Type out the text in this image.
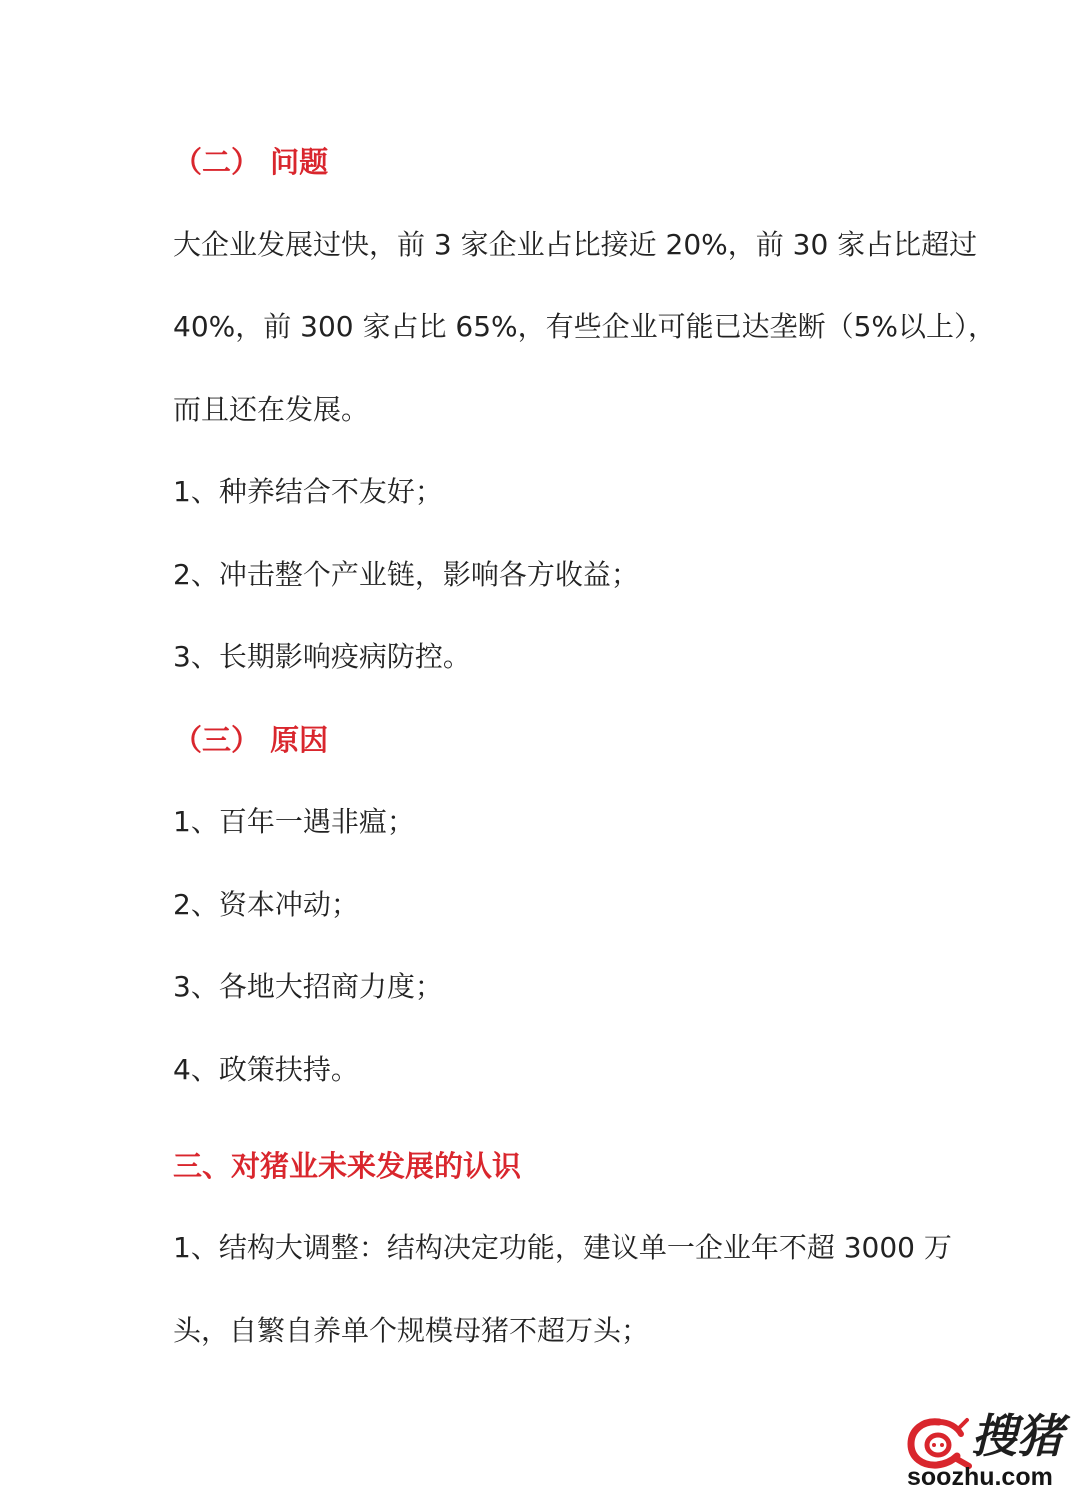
（二） 问题
大企业发展过快，前 3 家企业占比接近 20%，前 30 家占比超过
40%，前 300 家占比 65%，有些企业可能已达垄断（5%以上），
而且还在发展。
1、种养结合不友好；
2、冲击整个产业链，影响各方收益；
3、长期影响疫病防控。
（三） 原因
1、百年一遇非瘟；
2、资本冲动；
3、各地大招商力度；
4、政策扶持。
三、对猪业未来发展的认识
1、结构大调整：结构决定功能，建议单一企业年不超 3000 万
头，自繁自养单个规模母猪不超万头；
搜猪
soozhu.com
